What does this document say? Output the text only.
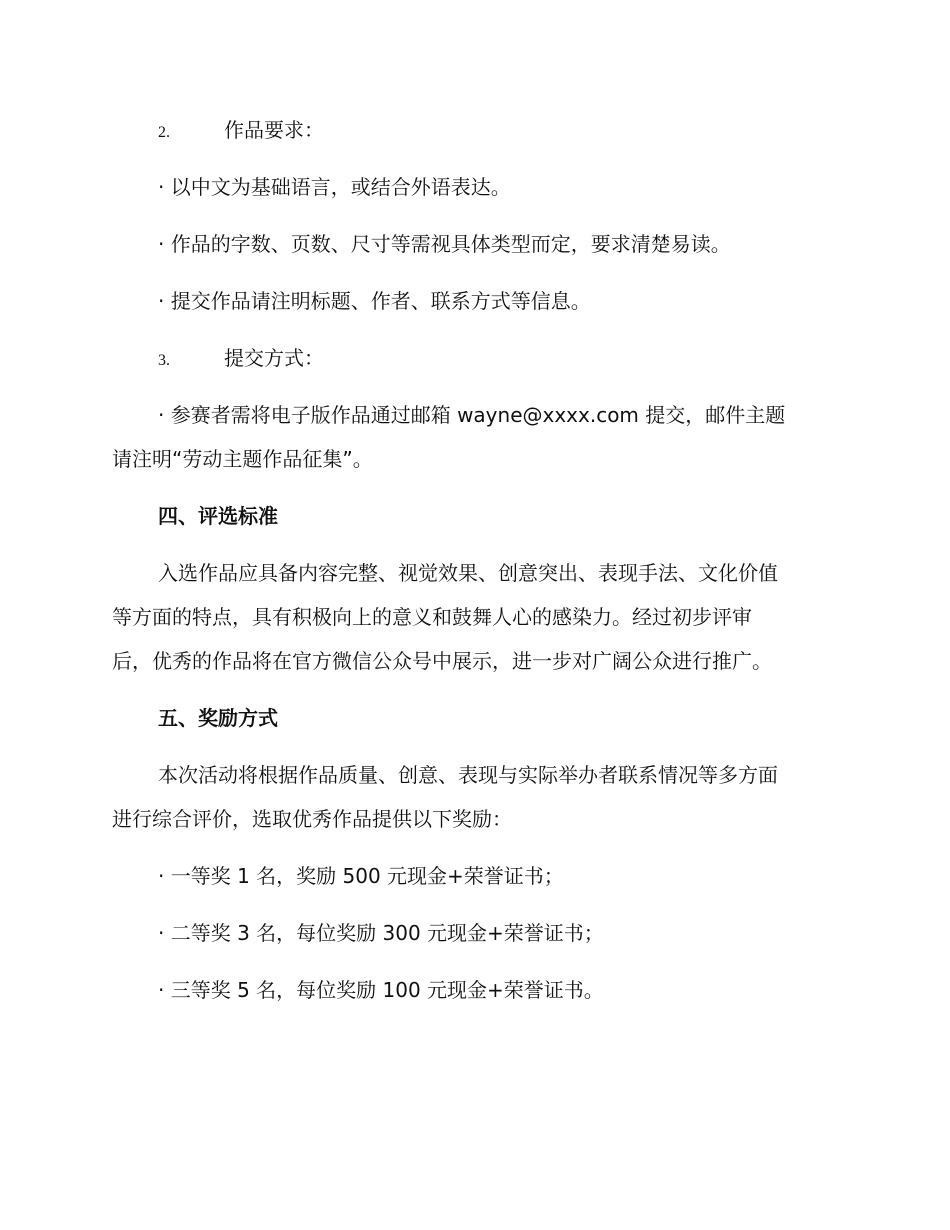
2.	作品要求：
· 以中文为基础语言，或结合外语表达。
· 作品的字数、页数、尺寸等需视具体类型而定，要求清楚易读。
· 提交作品请注明标题、作者、联系方式等信息。
3.	提交方式：
· 参赛者需将电子版作品通过邮箱 wayne@xxxx.com 提交，邮件主题
请注明“劳动主题作品征集”。
四、评选标准
入选作品应具备内容完整、视觉效果、创意突出、表现手法、文化价值
等方面的特点，具有积极向上的意义和鼓舞人心的感染力。经过初步评审
后，优秀的作品将在官方微信公众号中展示，进一步对广阔公众进行推广。
五、奖励方式
本次活动将根据作品质量、创意、表现与实际举办者联系情况等多方面
进行综合评价，选取优秀作品提供以下奖励：
· 一等奖 1 名，奖励 500 元现金+荣誉证书；
· 二等奖 3 名，每位奖励 300 元现金+荣誉证书；
· 三等奖 5 名，每位奖励 100 元现金+荣誉证书。
